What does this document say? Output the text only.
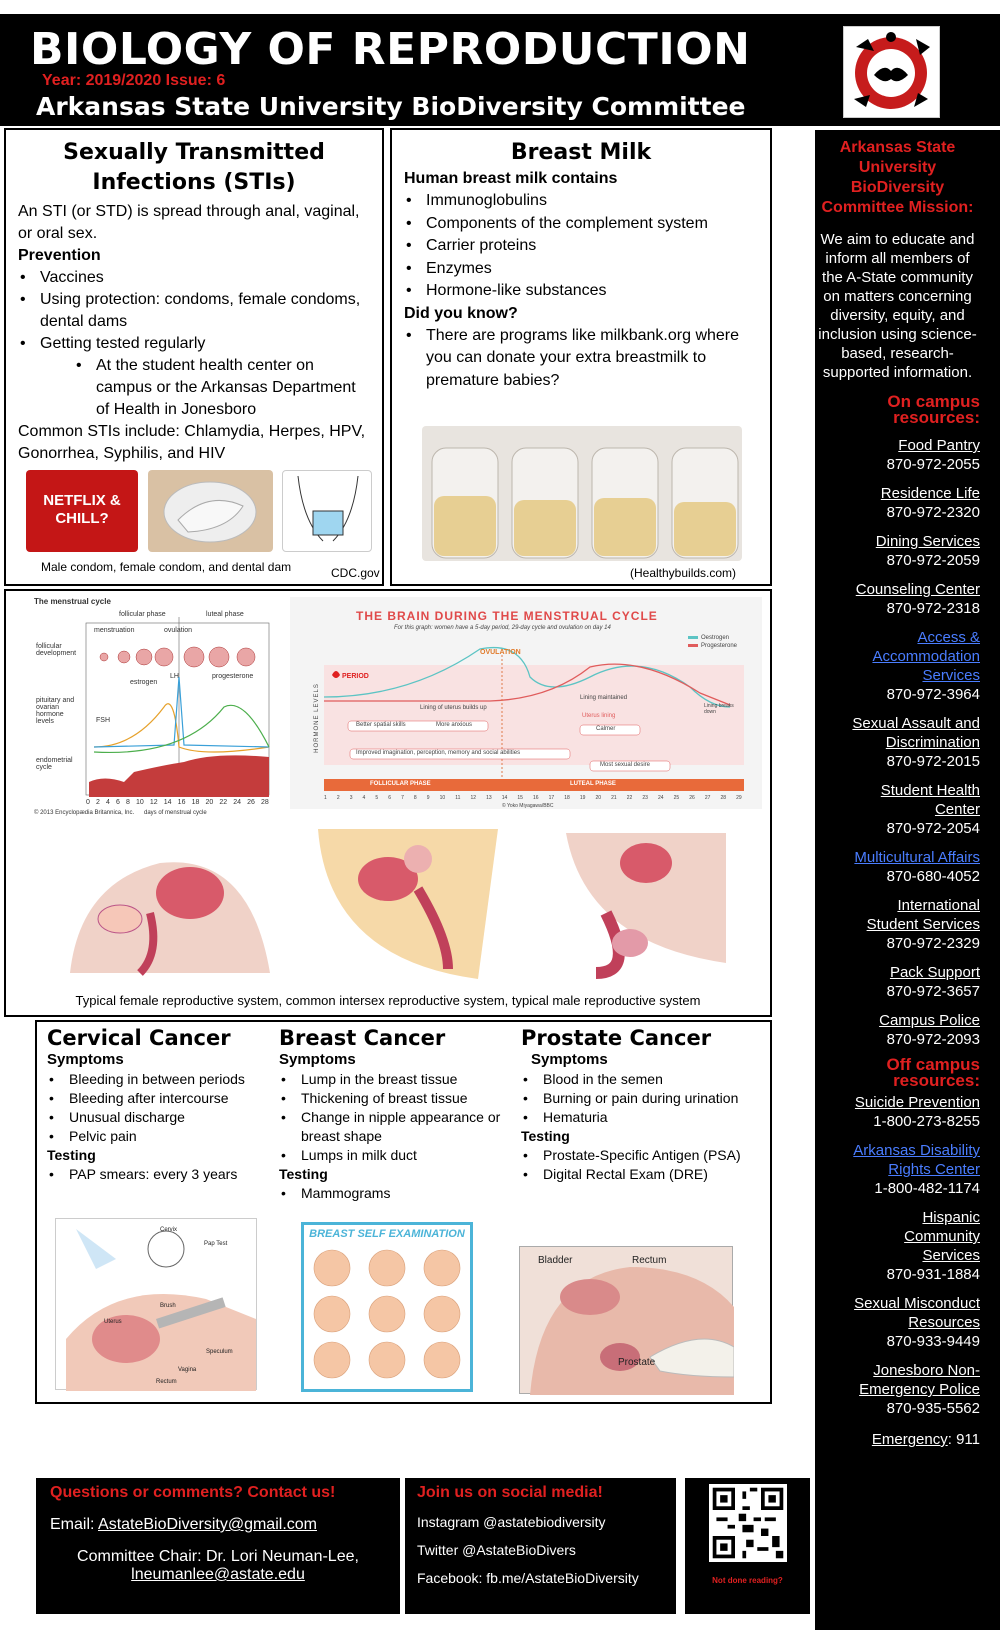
BIOLOGY OF REPRODUCTION
Year: 2019/2020 Issue: 6
Arkansas State University BioDiversity Committee
Sexually Transmitted Infections (STIs)
An STI (or STD) is spread through anal, vaginal, or oral sex.
Prevention
• Vaccines
• Using protection: condoms, female condoms, dental dams
• Getting tested regularly
• At the student health center on campus or the Arkansas Department of Health in Jonesboro
Common STIs include: Chlamydia, Herpes, HPV, Gonorrhea, Syphilis, and HIV
NETFLIX & CHILL?
Male condom, female condom, and dental dam	CDC.gov
Breast Milk
Human breast milk contains
• Immunoglobulins
• Components of the complement system
• Carrier proteins
• Enzymes
• Hormone-like substances
Did you know?
• There are programs like milkbank.org where you can donate your extra breastmilk to premature babies?
(Healthybuilds.com)
The menstrual cycle
follicular phase	luteal phase
menstruation	ovulation
follicular development
pituitary and ovarian hormone levels
endometrial cycle
LH
estrogen
FSH
progesterone
0 2 4 6 8 10 12 14 16 18 20 22 24 26 28
© 2013 Encyclopædia Britannica, Inc. days of menstrual cycle
THE BRAIN DURING THE MENSTRUAL CYCLE
For this graph: women have a 5-day period, 29-day cycle and ovulation on day 14
Oestrogen
Progesterone
HORMONE LEVELS
OVULATION
PERIOD
Lining of uterus builds up
Lining maintained
Uterus lining
Lining breaks down
Better spatial skills	More anxious
Calmer
Improved imagination, perception, memory and social abilities
Most sexual desire
FOLLICULAR PHASE	LUTEAL PHASE
1 2 3 4 5 6 7 8 9 10 11 12 13 14 15 16 17 18 19 20 21 22 23 24 25 26 27 28 29
© Yoko Miyagawa/BBC
Typical female reproductive system, common intersex reproductive system, typical male reproductive system
Cervical Cancer
Symptoms
• Bleeding in between periods
• Bleeding after intercourse
• Unusual discharge
• Pelvic pain
Testing
• PAP smears: every 3 years
Pap Test
Cervix
Uterus
Brush
Speculum
Vagina
Rectum
Breast Cancer
Symptoms
• Lump in the breast tissue
• Thickening of breast tissue
• Change in nipple appearance or breast shape
• Lumps in milk duct
Testing
• Mammograms
BREAST SELF EXAMINATION
Prostate Cancer
Symptoms
• Blood in the semen
• Burning or pain during urination
• Hematuria
Testing
• Prostate-Specific Antigen (PSA)
• Digital Rectal Exam (DRE)
Bladder	Rectum
Prostate
Arkansas State University BioDiversity Committee Mission:
We aim to educate and inform all members of the A-State community on matters concerning diversity, equity, and inclusion using science-based, research-supported information.
On campus resources:
Food Pantry
870-972-2055
Residence Life
870-972-2320
Dining Services
870-972-2059
Counseling Center
870-972-2318
Access & Accommodation Services
870-972-3964
Sexual Assault and Discrimination
870-972-2015
Student Health Center
870-972-2054
Multicultural Affairs
870-680-4052
International Student Services
870-972-2329
Pack Support
870-972-3657
Campus Police
870-972-2093
Off campus resources:
Suicide Prevention
1-800-273-8255
Arkansas Disability Rights Center
1-800-482-1174
Hispanic Community Services
870-931-1884
Sexual Misconduct Resources
870-933-9449
Jonesboro Non-Emergency Police
870-935-5562
Emergency: 911
Questions or comments? Contact us!
Email: AstateBioDiversity@gmail.com
Committee Chair: Dr. Lori Neuman-Lee,
lneumanlee@astate.edu
Join us on social media!
Instagram @astatebiodiversity
Twitter @AstateBioDivers
Facebook: fb.me/AstateBioDiversity	Not done reading?
